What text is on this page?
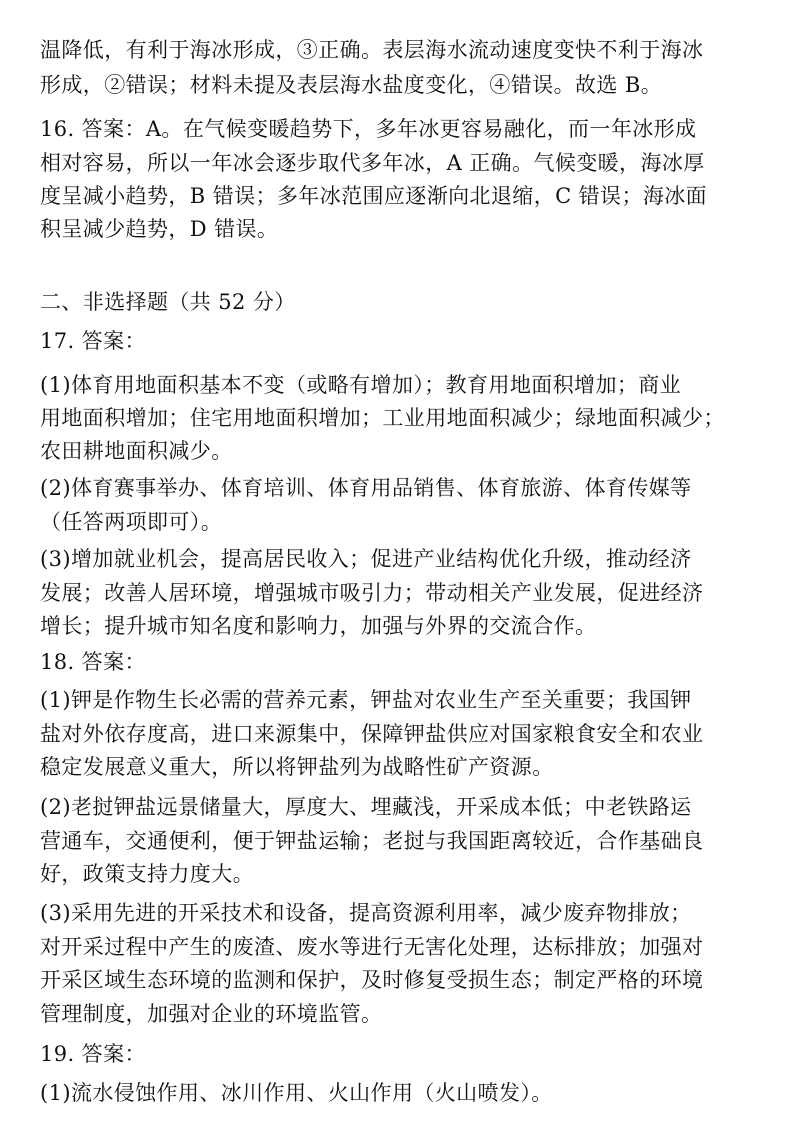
温降低，有利于海冰形成，③正确。表层海水流动速度变快不利于海冰

形成，②错误；材料未提及表层海水盐度变化，④错误。故选 B。

16. 答案：A。在气候变暖趋势下，多年冰更容易融化，而一年冰形成

相对容易，所以一年冰会逐步取代多年冰，A 正确。气候变暖，海冰厚

度呈减小趋势，B 错误；多年冰范围应逐渐向北退缩，C 错误；海冰面

积呈减少趋势，D 错误。

二、非选择题（共 52 分）

17. 答案：

(1)体育用地面积基本不变（或略有增加）；教育用地面积增加；商业

用地面积增加；住宅用地面积增加；工业用地面积减少；绿地面积减少；

农田耕地面积减少。

(2)体育赛事举办、体育培训、体育用品销售、体育旅游、体育传媒等

（任答两项即可）。

(3)增加就业机会，提高居民收入；促进产业结构优化升级，推动经济

发展；改善人居环境，增强城市吸引力；带动相关产业发展，促进经济

增长；提升城市知名度和影响力，加强与外界的交流合作。

18. 答案：

(1)钾是作物生长必需的营养元素，钾盐对农业生产至关重要；我国钾

盐对外依存度高，进口来源集中，保障钾盐供应对国家粮食安全和农业

稳定发展意义重大，所以将钾盐列为战略性矿产资源。

(2)老挝钾盐远景储量大，厚度大、埋藏浅，开采成本低；中老铁路运

营通车，交通便利，便于钾盐运输；老挝与我国距离较近，合作基础良

好，政策支持力度大。

(3)采用先进的开采技术和设备，提高资源利用率，减少废弃物排放；

对开采过程中产生的废渣、废水等进行无害化处理，达标排放；加强对

开采区域生态环境的监测和保护，及时修复受损生态；制定严格的环境

管理制度，加强对企业的环境监管。

19. 答案：

(1)流水侵蚀作用、冰川作用、火山作用（火山喷发）。
